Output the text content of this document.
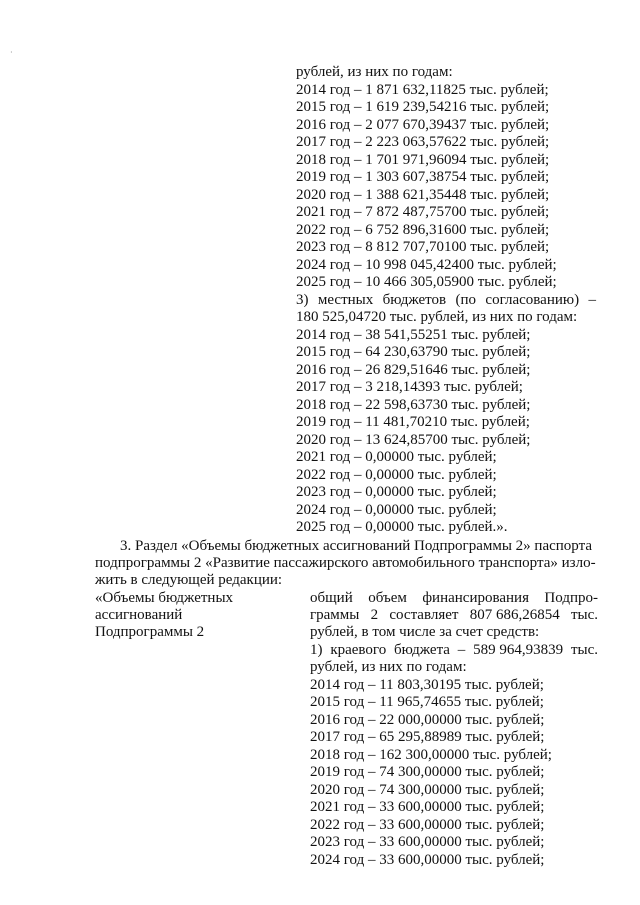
·
рублей, из них по годам:
2014 год – 1 871 632,11825 тыс. рублей;
2015 год – 1 619 239,54216 тыс. рублей;
2016 год – 2 077 670,39437 тыс. рублей;
2017 год – 2 223 063,57622 тыс. рублей;
2018 год – 1 701 971,96094 тыс. рублей;
2019 год – 1 303 607,38754 тыс. рублей;
2020 год – 1 388 621,35448 тыс. рублей;
2021 год – 7 872 487,75700 тыс. рублей;
2022 год – 6 752 896,31600 тыс. рублей;
2023 год – 8 812 707,70100 тыс. рублей;
2024 год – 10 998 045,42400 тыс. рублей;
2025 год – 10 466 305,05900 тыс. рублей;
3) местных бюджетов (по согласованию) –
180 525,04720 тыс. рублей, из них по годам:
2014 год – 38 541,55251 тыс. рублей;
2015 год – 64 230,63790 тыс. рублей;
2016 год – 26 829,51646 тыс. рублей;
2017 год – 3 218,14393 тыс. рублей;
2018 год – 22 598,63730 тыс. рублей;
2019 год – 11 481,70210 тыс. рублей;
2020 год – 13 624,85700 тыс. рублей;
2021 год – 0,00000 тыс. рублей;
2022 год – 0,00000 тыс. рублей;
2023 год – 0,00000 тыс. рублей;
2024 год – 0,00000 тыс. рублей;
2025 год – 0,00000 тыс. рублей.».
3. Раздел «Объемы бюджетных ассигнований Подпрограммы 2» паспорта
подпрограммы 2 «Развитие пассажирского автомобильного транспорта» изло-
жить в следующей редакции:
«Объемы бюджетных
ассигнований
Подпрограммы 2
общий объем финансирования Подпро-
граммы 2 составляет 807 686,26854 тыс.
рублей, в том числе за счет средств:
1) краевого бюджета – 589 964,93839 тыс.
рублей, из них по годам:
2014 год – 11 803,30195 тыс. рублей;
2015 год – 11 965,74655 тыс. рублей;
2016 год – 22 000,00000 тыс. рублей;
2017 год – 65 295,88989 тыс. рублей;
2018 год – 162 300,00000 тыс. рублей;
2019 год – 74 300,00000 тыс. рублей;
2020 год – 74 300,00000 тыс. рублей;
2021 год – 33 600,00000 тыс. рублей;
2022 год – 33 600,00000 тыс. рублей;
2023 год – 33 600,00000 тыс. рублей;
2024 год – 33 600,00000 тыс. рублей;
